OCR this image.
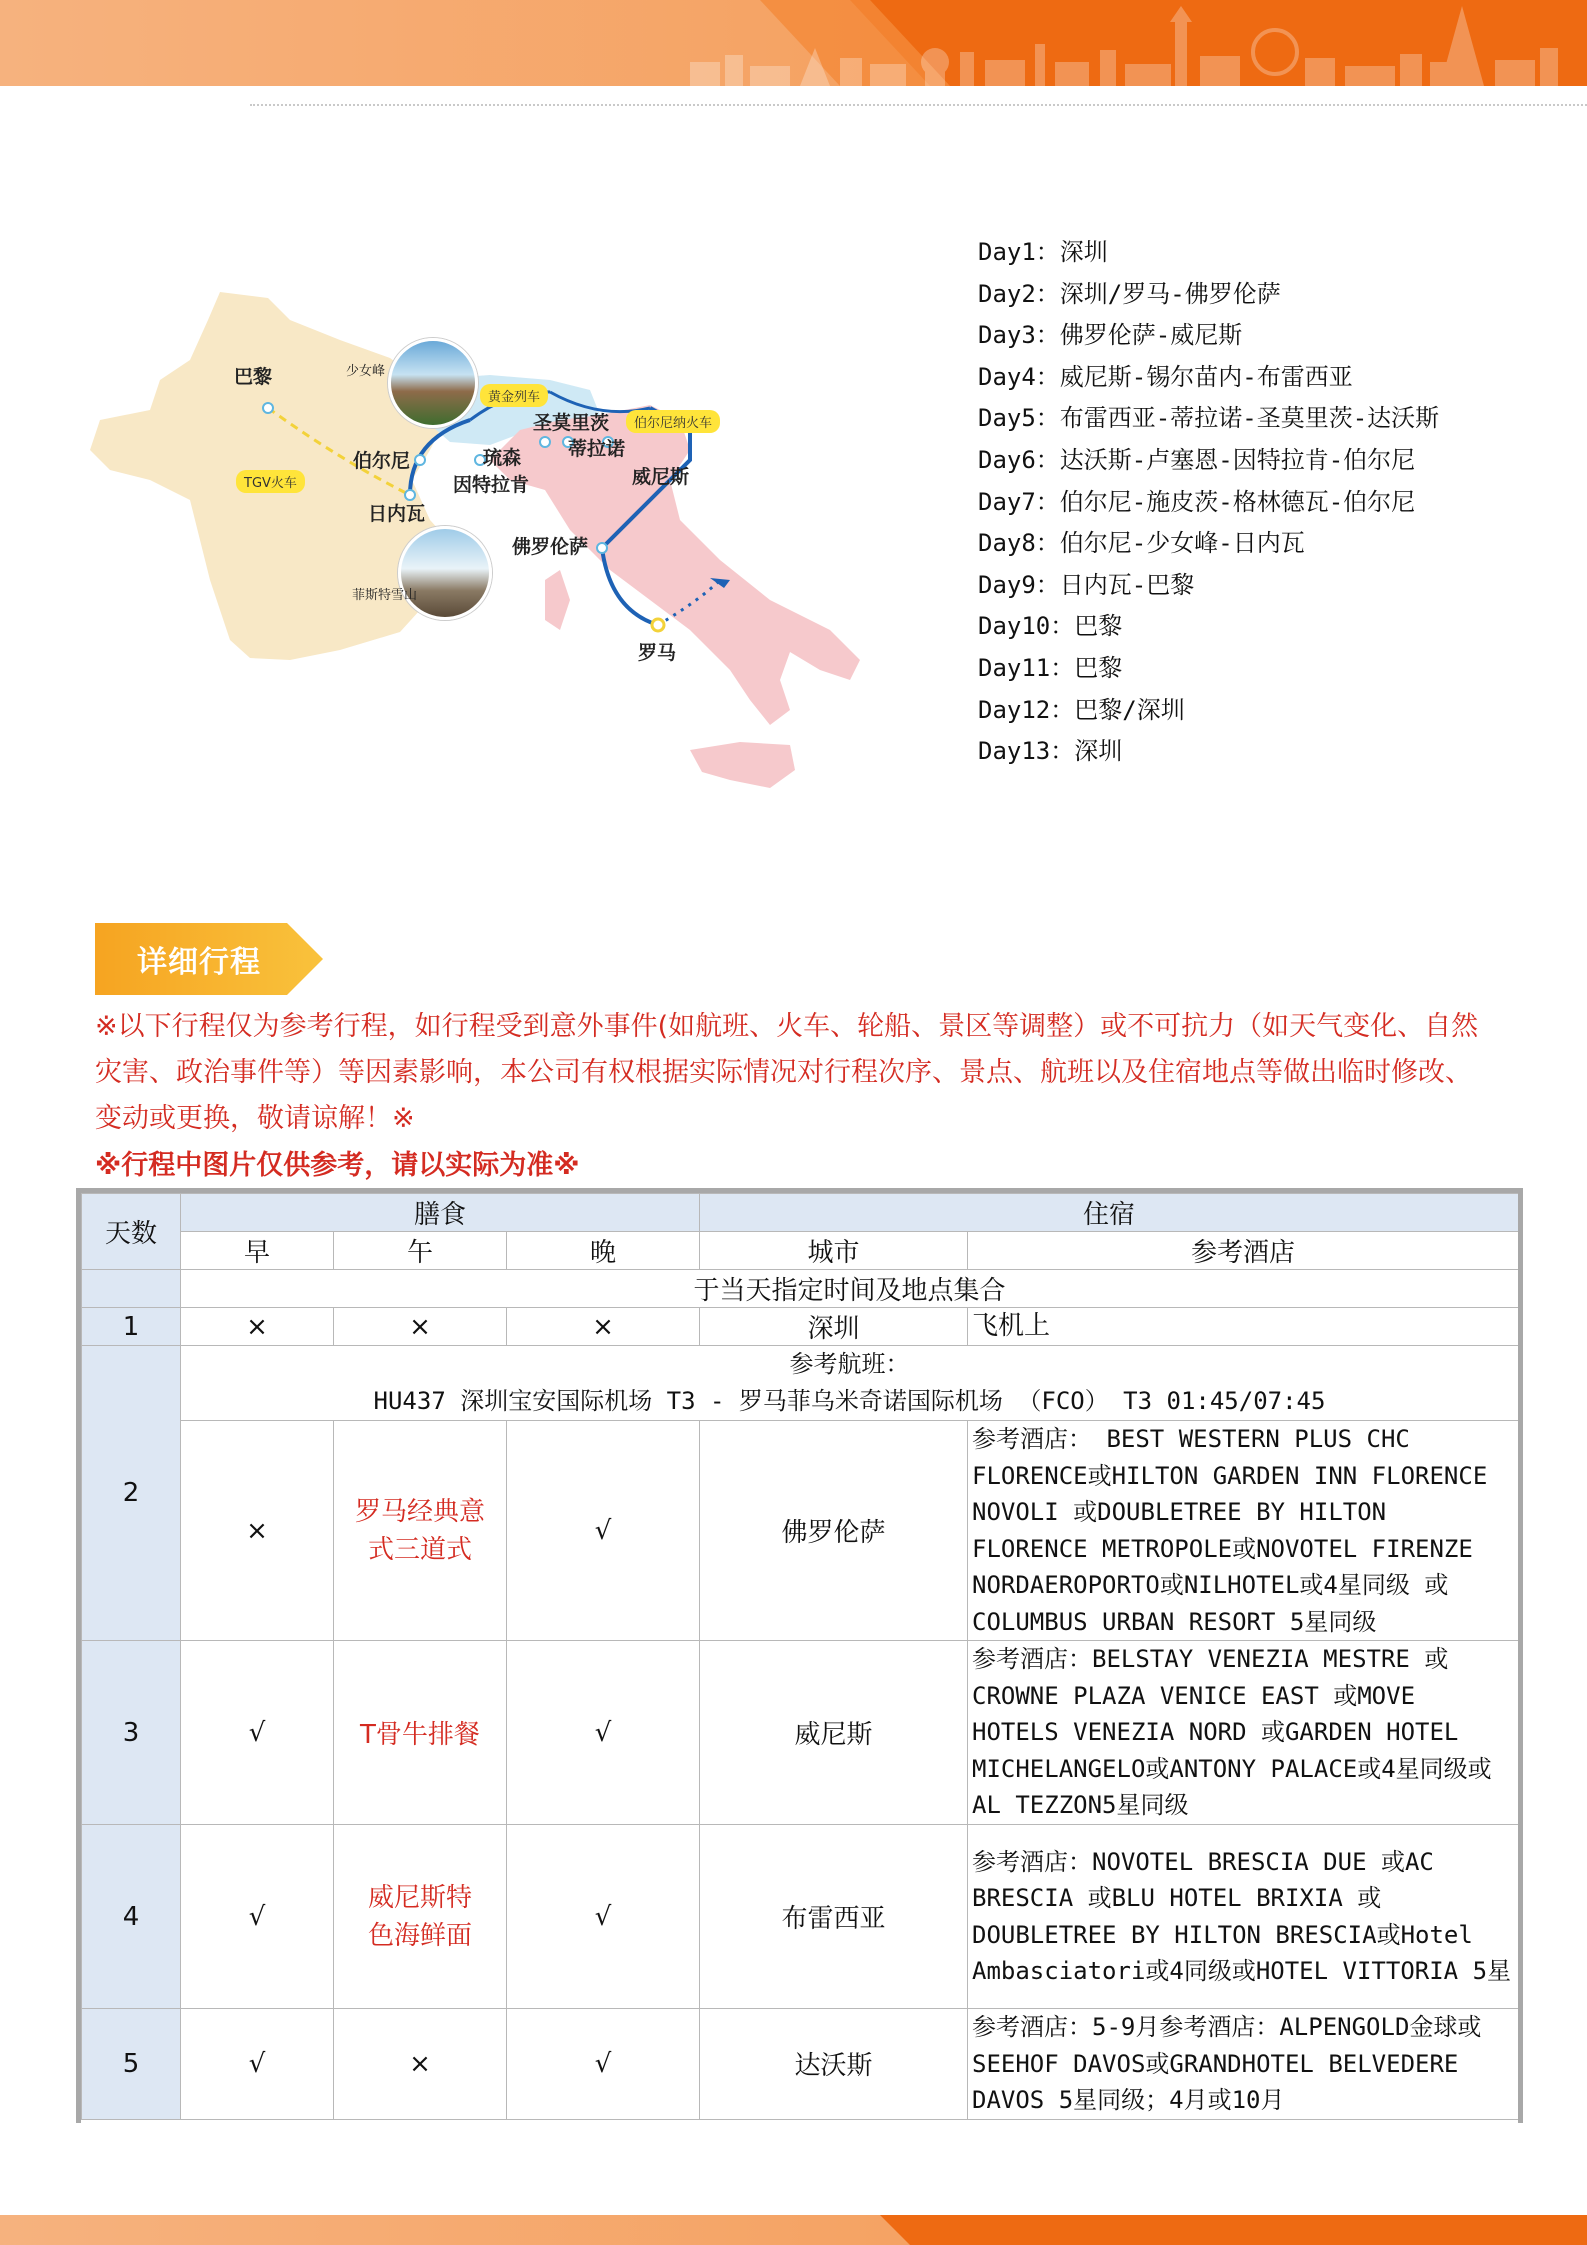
巴黎	少女峰
黄金列车
圣莫里茨	伯尔尼纳火车
伯尔尼	琉森 蒂拉诺
威尼斯
TGV火车	因特拉肯
日内瓦
佛罗伦萨
菲斯特雪山
罗马
Day1：深圳
Day2：深圳/罗马-佛罗伦萨
Day3：佛罗伦萨-威尼斯
Day4：威尼斯-锡尔苗内-布雷西亚
Day5：布雷西亚-蒂拉诺-圣莫里茨-达沃斯
Day6：达沃斯-卢塞恩-因特拉肯-伯尔尼
Day7：伯尔尼-施皮茨-格林德瓦-伯尔尼
Day8：伯尔尼-少女峰-日内瓦
Day9：日内瓦-巴黎
Day10：巴黎
Day11：巴黎
Day12：巴黎/深圳
Day13：深圳
详细行程
※以下行程仅为参考行程，如行程受到意外事件(如航班、火车、轮船、景区等调整）或不可抗力（如天气变化、自然灾害、政治事件等）等因素影响，本公司有权根据实际情况对行程次序、景点、航班以及住宿地点等做出临时修改、变动或更换，敬请谅解！※
※行程中图片仅供参考，请以实际为准※
天数	膳食			住宿	
	早	午	晚	城市	参考酒店
	于当天指定时间及地点集合				
1	×	×	×	深圳	飞机上
2	参考航班：
HU437 深圳宝安国际机场 T3 - 罗马菲乌米奇诺国际机场 （FCO） T3 01:45/07:45				

	×	罗马经典意式三道式	√	佛罗伦萨	参考酒店： BEST WESTERN PLUS CHC FLORENCE或HILTON GARDEN INN FLORENCE NOVOLI 或DOUBLETREE BY HILTON FLORENCE METROPOLE或NOVOTEL FIRENZE NORDAEROPORTO或NILHOTEL或4星同级 或COLUMBUS URBAN RESORT 5星同级
3	√	T骨牛排餐	√	威尼斯	参考酒店：BELSTAY VENEZIA MESTRE 或CROWNE PLAZA VENICE EAST 或MOVE HOTELS VENEZIA NORD 或GARDEN HOTEL MICHELANGELO或ANTONY PALACE或4星同级或AL TEZZON5星同级
4	√	威尼斯特色海鲜面	√	布雷西亚	参考酒店：NOVOTEL BRESCIA DUE 或AC BRESCIA 或BLU HOTEL BRIXIA 或DOUBLETREE BY HILTON BRESCIA或Hotel Ambasciatori或4同级或HOTEL VITTORIA 5星
5	√	×	√	达沃斯	参考酒店：5-9月参考酒店：ALPENGOLD金球或SEEHOF DAVOS或GRANDHOTEL BELVEDERE DAVOS 5星同级；4月或10月
